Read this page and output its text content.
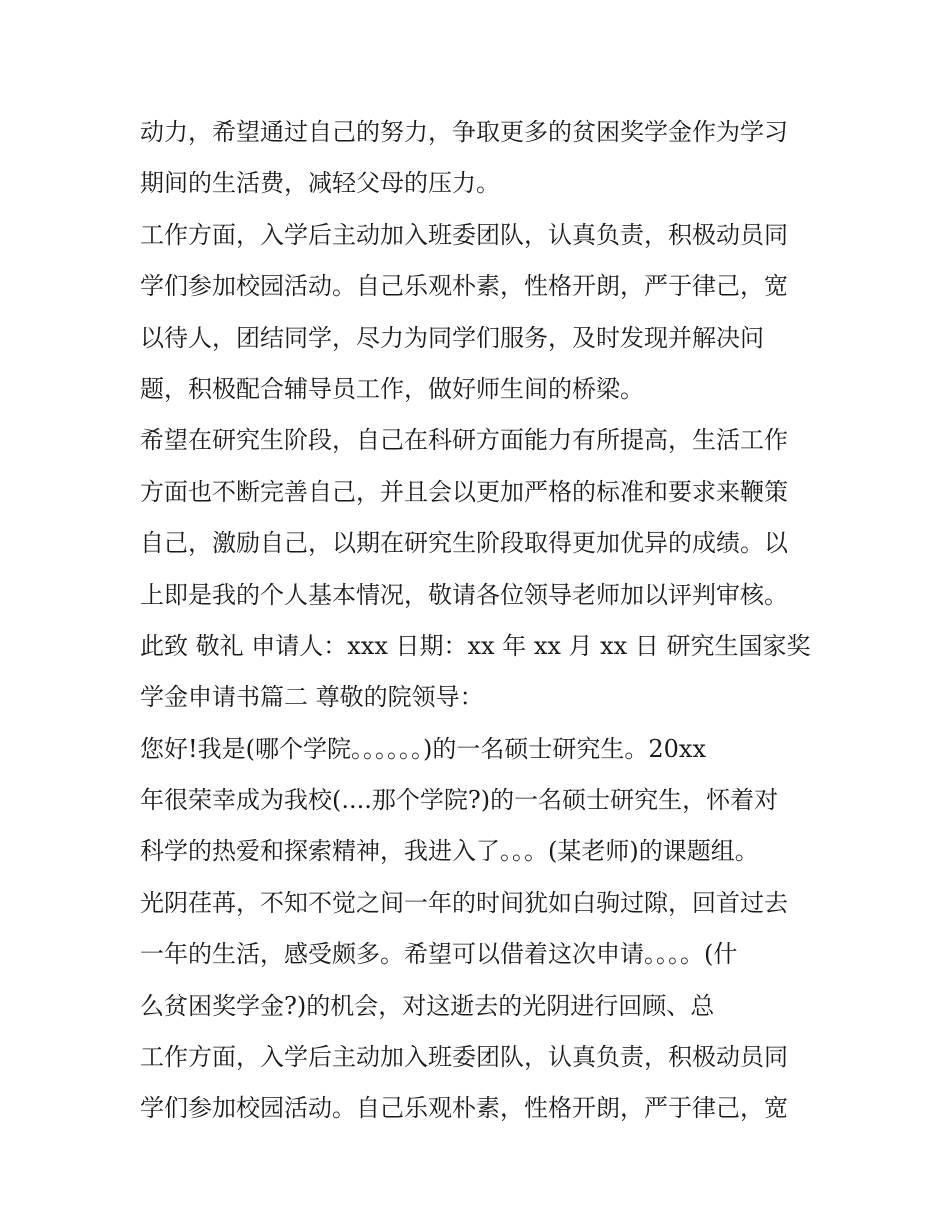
动力，希望通过自己的努力，争取更多的贫困奖学金作为学习
期间的生活费，减轻父母的压力。
工作方面，入学后主动加入班委团队，认真负责，积极动员同
学们参加校园活动。自己乐观朴素，性格开朗，严于律己，宽
以待人，团结同学，尽力为同学们服务，及时发现并解决问
题，积极配合辅导员工作，做好师生间的桥梁。
希望在研究生阶段，自己在科研方面能力有所提高，生活工作
方面也不断完善自己，并且会以更加严格的标准和要求来鞭策
自己，激励自己，以期在研究生阶段取得更加优异的成绩。以
上即是我的个人基本情况，敬请各位领导老师加以评判审核。
此致 敬礼 申请人：xxx 日期：xx 年 xx 月 xx 日 研究生国家奖
学金申请书篇二 尊敬的院领导：
您好!我是(哪个学院。。。。。。)的一名硕士研究生。20xx
年很荣幸成为我校(....那个学院?)的一名硕士研究生，怀着对
科学的热爱和探索精神，我进入了。。。(某老师)的课题组。
光阴荏苒，不知不觉之间一年的时间犹如白驹过隙，回首过去
一年的生活，感受颇多。希望可以借着这次申请。。。。(什
么贫困奖学金?)的机会，对这逝去的光阴进行回顾、总
工作方面，入学后主动加入班委团队，认真负责，积极动员同
学们参加校园活动。自己乐观朴素，性格开朗，严于律己，宽
